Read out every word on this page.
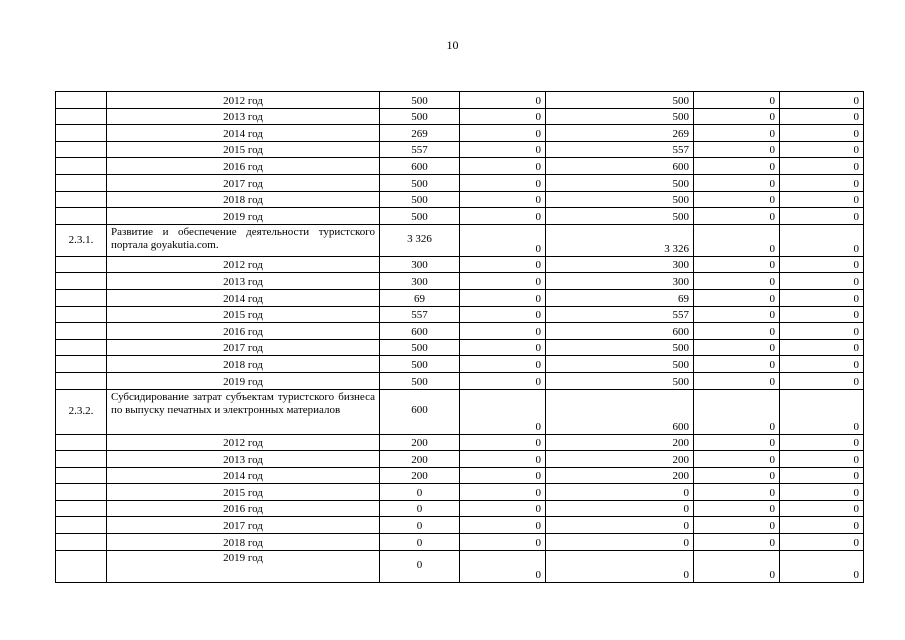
10
	2012 год	500	0	500	0	0
	2013 год	500	0	500	0	0
	2014 год	269	0	269	0	0
	2015 год	557	0	557	0	0
	2016 год	600	0	600	0	0
	2017 год	500	0	500	0	0
	2018 год	500	0	500	0	0
	2019 год	500	0	500	0	0
2.3.1.	Развитие и обеспечение деятельности туристского портала goyakutia.com.	3 326	0	3 326	0	0
	2012 год	300	0	300	0	0
	2013 год	300	0	300	0	0
	2014 год	69	0	69	0	0
	2015 год	557	0	557	0	0
	2016 год	600	0	600	0	0
	2017 год	500	0	500	0	0
	2018 год	500	0	500	0	0
	2019 год	500	0	500	0	0
2.3.2.	Субсидирование затрат субъектам туристского бизнеса по выпуску печатных и электронных материалов	600	0	600	0	0
	2012 год	200	0	200	0	0
	2013 год	200	0	200	0	0
	2014 год	200	0	200	0	0
	2015 год	0	0	0	0	0
	2016 год	0	0	0	0	0
	2017 год	0	0	0	0	0
	2018 год	0	0	0	0	0
	2019 год	0	0	0	0	0
